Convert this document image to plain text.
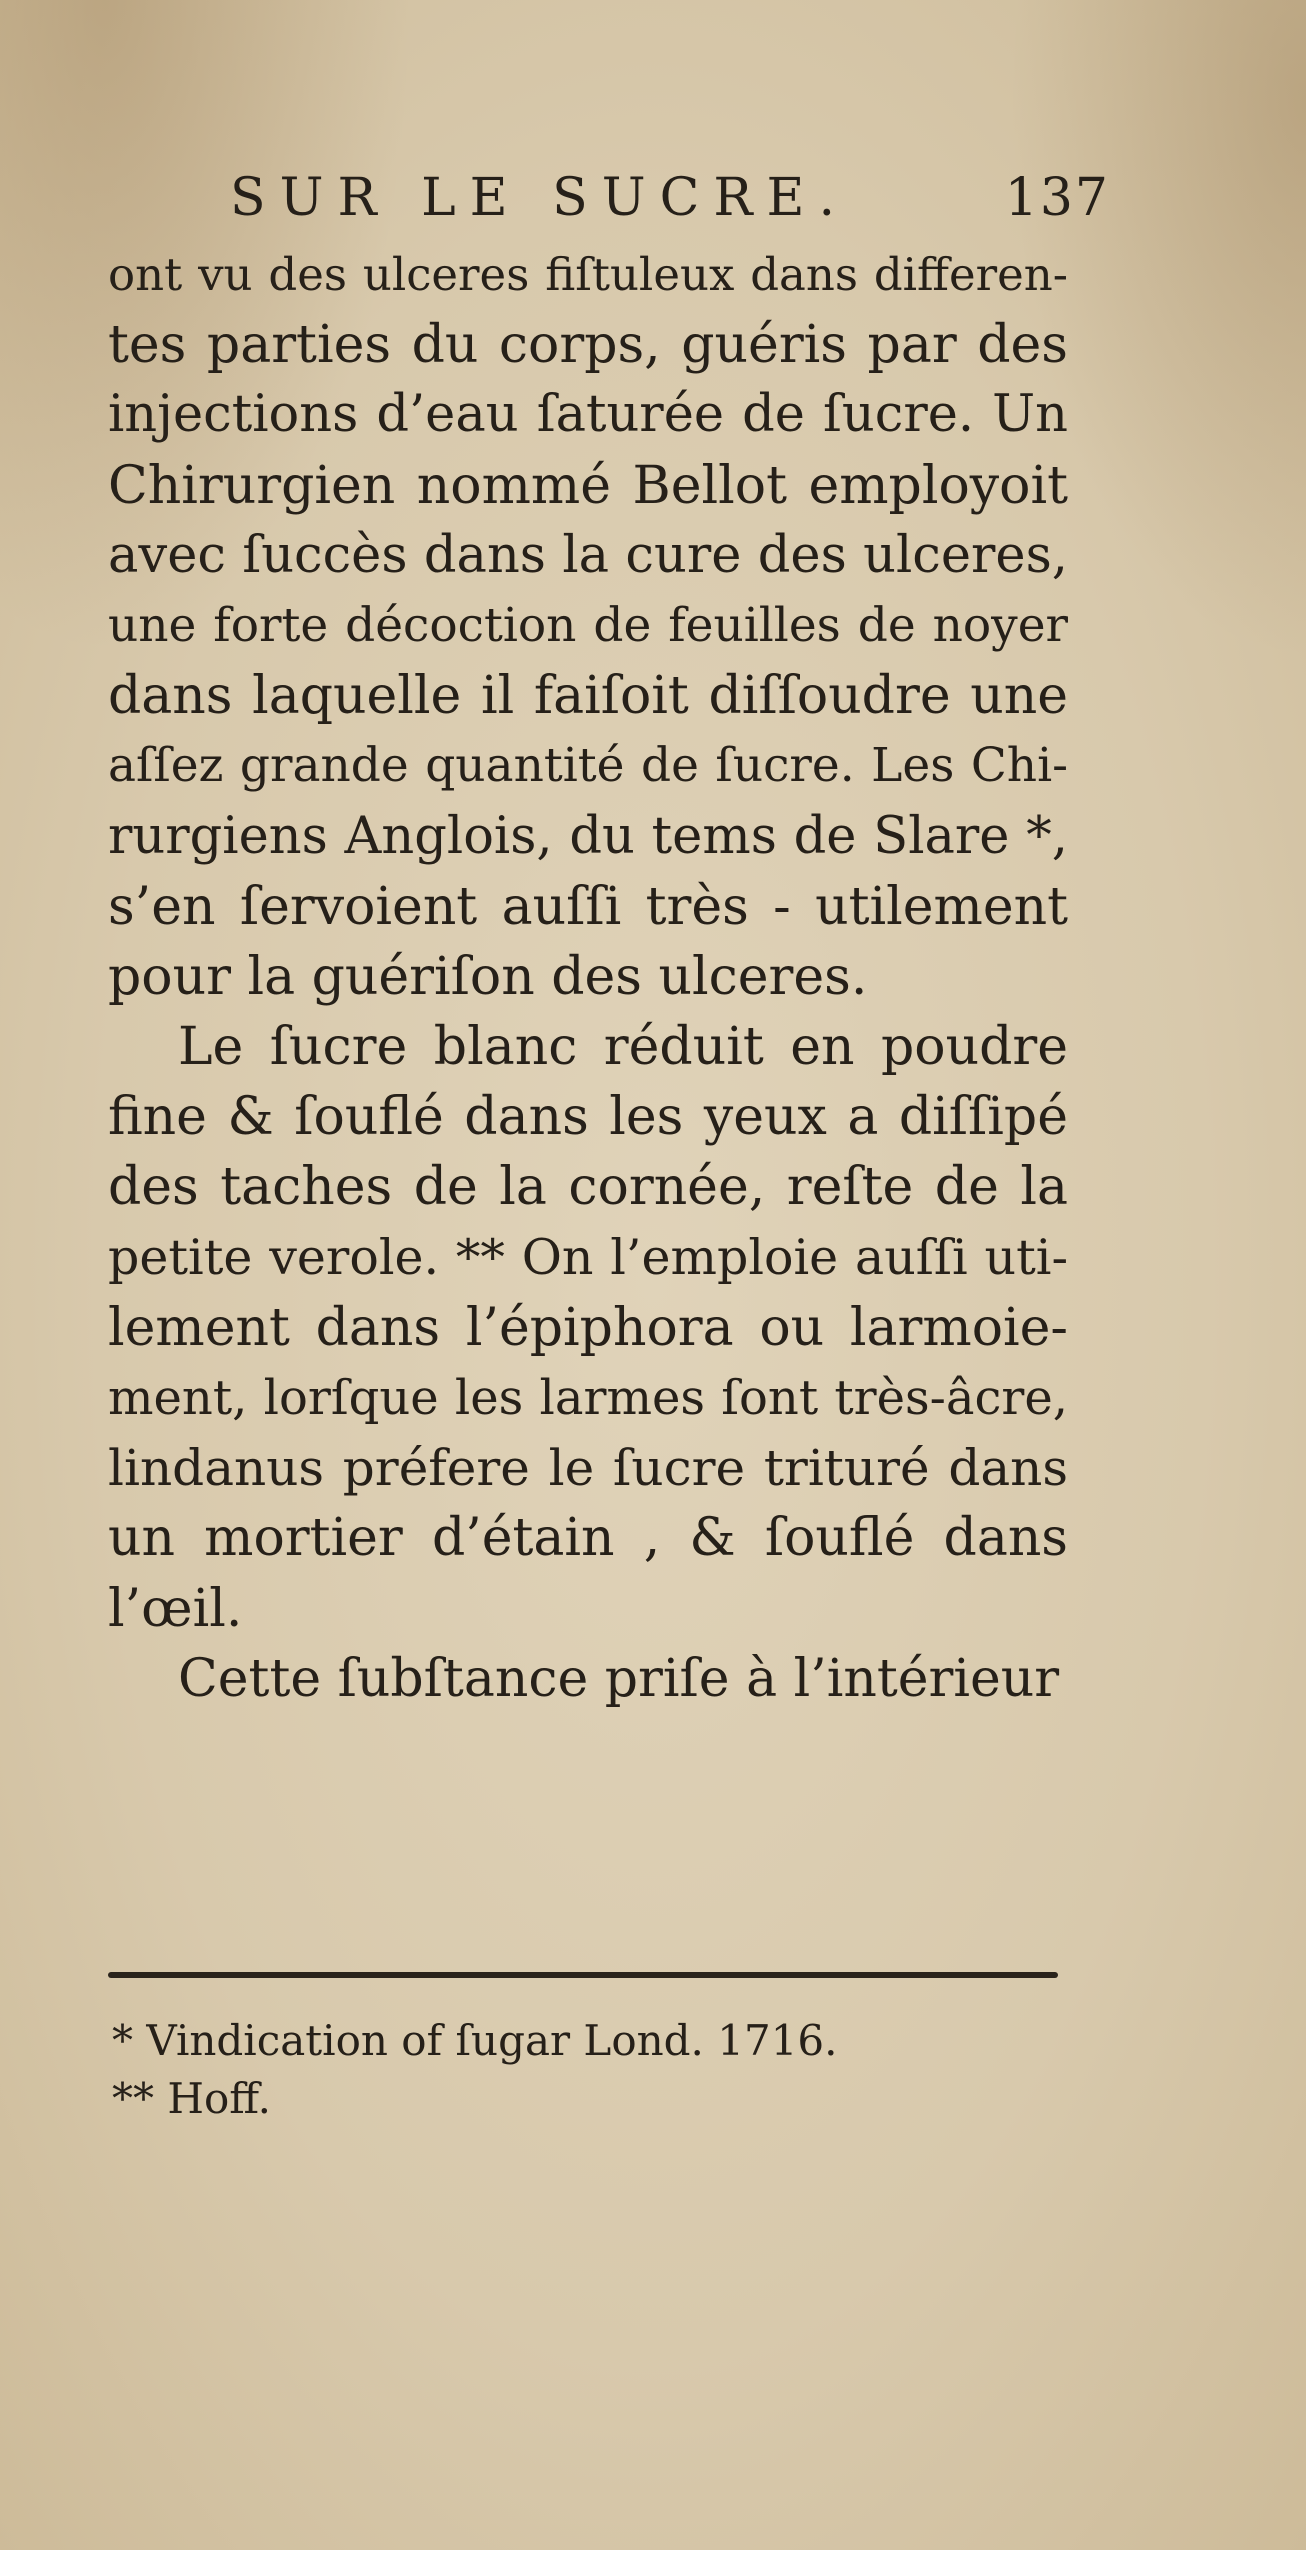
SUR LE SUCRE.	137
ont vu des ulceres fiſtuleux dans differen-
tes parties du corps, guéris par des
injections d’eau ſaturée de ſucre. Un
Chirurgien nommé Bellot employoit
avec ſuccès dans la cure des ulceres,
une forte décoction de feuilles de noyer
dans laquelle il faiſoit diſſoudre une
aſſez grande quantité de ſucre. Les Chi-
rurgiens Anglois, du tems de Slare *,
s’en ſervoient auſſi très - utilement
pour la guériſon des ulceres.
Le ſucre blanc réduit en poudre
fine & ſouflé dans les yeux a diſſipé
des taches de la cornée, reſte de la
petite verole. ** On l’emploie auſſi uti-
lement dans l’épiphora ou larmoie-
ment, lorſque les larmes ſont très-âcre,
lindanus préfere le ſucre trituré dans
un mortier d’étain , & ſouflé dans
l’œil.
Cette ſubſtance priſe à l’intérieur
* Vindication of ſugar Lond. 1716.
** Hoff.
